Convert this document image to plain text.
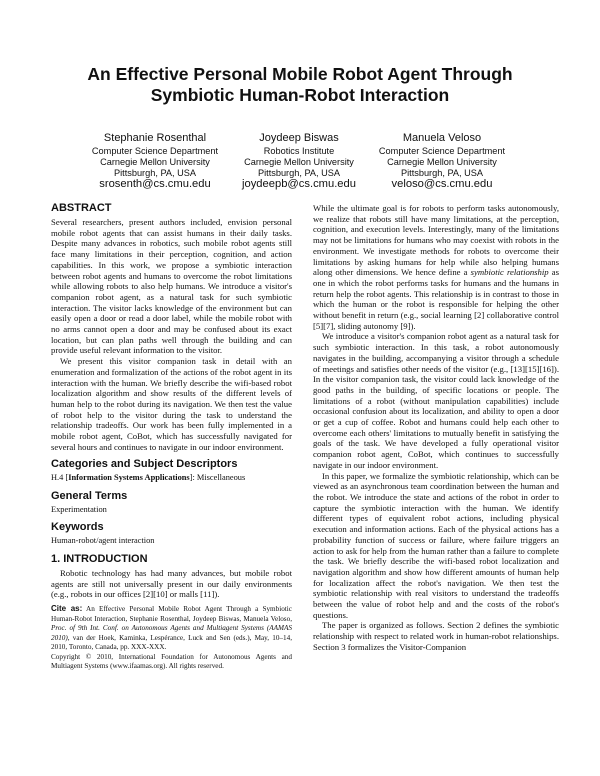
An Effective Personal Mobile Robot Agent Through
Symbiotic Human-Robot Interaction
Stephanie Rosenthal
Computer Science Department
Carnegie Mellon University
Pittsburgh, PA, USA
srosenth@cs.cmu.edu
Joydeep Biswas
Robotics Institute
Carnegie Mellon University
Pittsburgh, PA, USA
joydeepb@cs.cmu.edu
Manuela Veloso
Computer Science Department
Carnegie Mellon University
Pittsburgh, PA, USA
veloso@cs.cmu.edu
ABSTRACT

Several researchers, present authors included, envision personal mobile robot agents that can assist humans in their daily tasks. Despite many advances in robotics, such mobile robot agents still face many limitations in their perception, cognition, and action capabilities. In this work, we propose a symbiotic interaction between robot agents and humans to overcome the robot limitations while allowing robots to also help humans. We introduce a visitor's companion robot agent, as a natural task for such symbiotic interaction. The visitor lacks knowledge of the environment but can easily open a door or read a door label, while the mobile robot with no arms cannot open a door and may be confused about its exact location, but can plan paths well through the building and can provide useful relevant information to the visitor.

We present this visitor companion task in detail with an enumeration and formalization of the actions of the robot agent in its interaction with the human. We briefly describe the wifi-based robot localization algorithm and show results of the different levels of human help to the robot during its navigation. We then test the value of robot help to the visitor during the task to understand the relationship tradeoffs. Our work has been fully implemented in a mobile robot agent, CoBot, which has successfully navigated for several hours and continues to navigate in our indoor environment.

Categories and Subject Descriptors

H.4 [Information Systems Applications]: Miscellaneous

General Terms

Experimentation

Keywords

Human-robot/agent interaction

1. INTRODUCTION

Robotic technology has had many advances, but mobile robot agents are still not universally present in our daily environments (e.g., robots in our offices [2][10] or malls [11]).

Cite as: An Effective Personal Mobile Robot Agent Through a Symbiotic Human-Robot Interaction, Stephanie Rosenthal, Joydeep Biswas, Manuela Veloso, Proc. of 9th Int. Conf. on Autonomous Agents and Multiagent Systems (AAMAS 2010), van der Hoek, Kaminka, Lespérance, Luck and Sen (eds.), May, 10–14, 2010, Toronto, Canada, pp. XXX-XXX.
Copyright © 2010, International Foundation for Autonomous Agents and Multiagent Systems (www.ifaamas.org). All rights reserved.

While the ultimate goal is for robots to perform tasks autonomously, we realize that robots still have many limitations, at the perception, cognition, and execution levels. Interestingly, many of the limitations may not be limitations for humans who may coexist with robots in the environment. We investigate methods for robots to overcome their limitations by asking humans for help while also helping humans along other dimensions. We hence define a symbiotic relationship as one in which the robot performs tasks for humans and the humans in return help the robot agents. This relationship is in contrast to those in which the human or the robot is responsible for helping the other without benefit in return (e.g., social learning [2] collaborative control [5][7], sliding autonomy [9]).

We introduce a visitor's companion robot agent as a natural task for such symbiotic interaction. In this task, a robot autonomously navigates in the building, accompanying a visitor through a schedule of meetings and satisfies other needs of the visitor (e.g., [13][15][16]). In the visitor companion task, the visitor could lack knowledge of the good paths in the building, of specific locations or people. The limitations of a robot (without manipulation capabilities) include occasional confusion about its localization, and ability to open a door or get a cup of coffee. Robot and humans could help each other to overcome each others' limitations to mutually benefit in satisfying the goals of the task. We have developed a fully operational visitor companion robot agent, CoBot, which continues to successfully navigate in our indoor environment.

In this paper, we formalize the symbiotic relationship, which can be viewed as an asynchronous team coordination between the human and the robot. We introduce the state and actions of the robot in order to capture the symbiotic interaction with the human. We identify different types of equivalent robot actions, including physical execution and information actions. Each of the physical actions has a probability function of success or failure, where failure triggers an action to ask for help from the human rather than a failure to complete the task. We briefly describe the wifi-based robot localization and navigation algorithm and show how different amounts of human help for localization affect the robot's navigation. We then test the symbiotic relationship with real visitors to understand the tradeoffs between the value of robot help and and the costs of the robot's questions.

The paper is organized as follows. Section 2 defines the symbiotic relationship with respect to related work in human-robot relationships. Section 3 formalizes the Visitor-Companion
